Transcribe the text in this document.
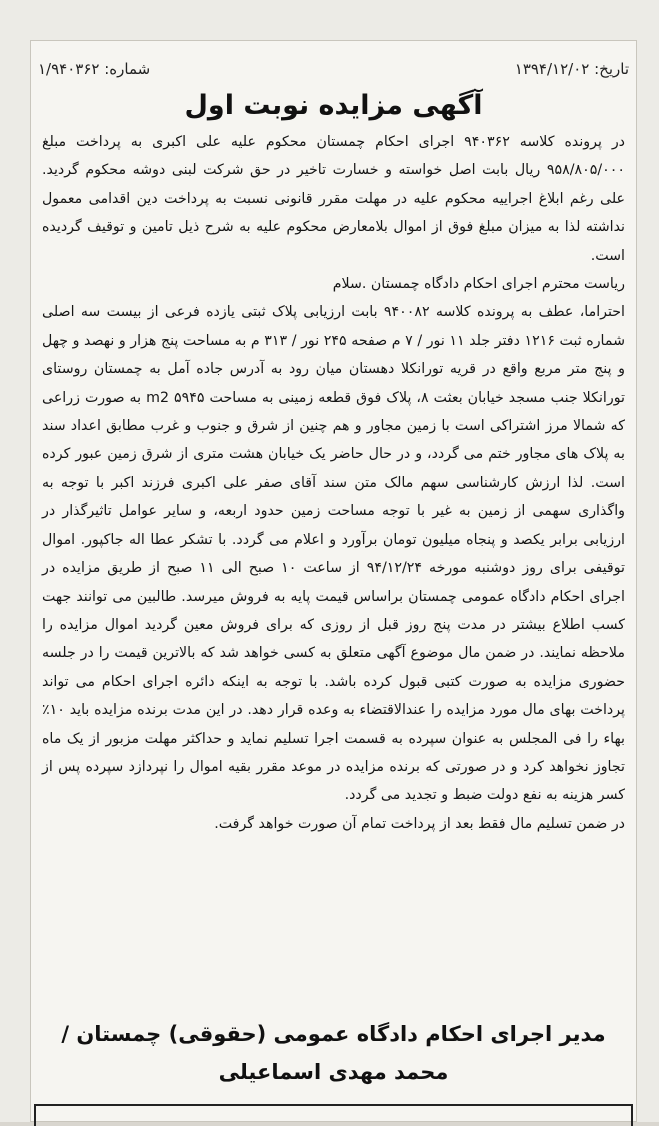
تاریخ: ۱۳۹۴/۱۲/۰۲
شماره: ۱/۹۴۰۳۶۲
آگهی مزایده نوبت اول

در پرونده کلاسه ۹۴۰۳۶۲ اجرای احکام چمستان محکوم علیه علی اکبری به پرداخت مبلغ ۹۵۸/۸۰۵/۰۰۰ ریال بابت اصل خواسته و خسارت تاخیر در حق شرکت لبنی دوشه محکوم گردید. علی رغم ابلاغ اجراییه محکوم علیه در مهلت مقرر قانونی نسبت به پرداخت دین اقدامی معمول نداشته لذا به میزان مبلغ فوق از اموال بلامعارض محکوم علیه به شرح ذیل تامین و توقیف گردیده است.

ریاست محترم اجرای احکام دادگاه چمستان .سلام

احتراما، عطف به پرونده کلاسه ۹۴۰۰۸۲ بابت ارزیابی پلاک ثبتی یازده فرعی از بیست سه اصلی شماره ثبت ۱۲۱۶ دفتر جلد ۱۱ نور / ۷ م صفحه ۲۴۵ نور / ۳۱۳ م به مساحت پنج هزار و نهصد و چهل و پنج متر مربع واقع در قریه تورانکلا دهستان میان رود به آدرس جاده آمل به چمستان روستای تورانکلا جنب مسجد خیابان بعثت ۸، پلاک فوق قطعه زمینی به مساحت ۵۹۴۵ m2 به صورت زراعی که شمالا مرز اشتراکی است با زمین مجاور و هم چنین از شرق و جنوب و غرب مطابق اعداد سند به پلاک های مجاور ختم می گردد، و در حال حاضر یک خیابان هشت متری از شرق زمین عبور کرده است. لذا ارزش کارشناسی سهم مالک متن سند آقای صفر علی اکبری فرزند اکبر با توجه به واگذاری سهمی از زمین به غیر با توجه مساحت زمین حدود اربعه، و سایر عوامل تاثیرگذار در ارزیابی برابر یکصد و پنجاه میلیون تومان برآورد و اعلام می گردد. با تشکر عطا اله جاکپور. اموال توقیفی برای روز دوشنبه مورخه ۹۴/۱۲/۲۴ از ساعت ۱۰ صبح الی ۱۱ صبح از طریق مزایده در اجرای احکام دادگاه عمومی چمستان براساس قیمت پایه به فروش میرسد. طالبین می توانند جهت کسب اطلاع بیشتر در مدت پنج روز قبل از روزی که برای فروش معین گردید اموال مزایده را ملاحظه نمایند. در ضمن مال موضوع آگهی متعلق به کسی خواهد شد که بالاترین قیمت را در جلسه حضوری مزایده به صورت کتبی قبول کرده باشد. با توجه به اینکه دائره اجرای احکام می تواند پرداخت بهای مال مورد مزایده را عندالاقتضاء به وعده قرار دهد. در این مدت برنده مزایده باید ۱۰٪ بهاء را فی المجلس به عنوان سپرده به قسمت اجرا تسلیم نماید و حداکثر مهلت مزبور از یک ماه تجاوز نخواهد کرد و در صورتی که برنده مزایده در موعد مقرر بقیه اموال را نپردازد سپرده پس از کسر هزینه به نفع دولت ضبط و تجدید می گردد.

در ضمن تسلیم مال فقط بعد از پرداخت تمام آن صورت خواهد گرفت.

مدیر اجرای احکام دادگاه عمومی (حقوقی) چمستان /
محمد مهدی اسماعیلی
